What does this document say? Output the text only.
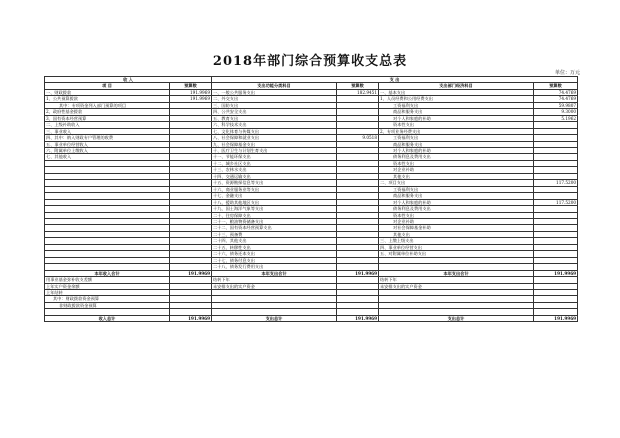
2018年部门综合预算收支总表
单位：万元
收 入		支 出			
项 目	预算数	支出功能分类科目	预算数	支出部门经济科目	预算数
一、财政拨款	191.9969	一、一般公共服务支出	182.9451	一、基本支出	74.4769
1、公共预算拨款	191.9969	二、外交支出		1、人员经费和公用经费支出	74.4769
其中：专项资金列入部门预算的项目		三、国防支出		工资福利支出	59.9807
2、政府性基金拨款		四、公共安全支出		商品和服务支出	9.3000
3、国有资本经营预算		五、教育支出		对个人和家庭的补助	5.1962
二、上级补助收入		六、科学技术支出		资本性支出	
三、事业收入		七、文化体育与传媒支出		2、专项业务经费支出	
四、其中：纳入财政专户管理的收费		八、社会保障和就业支出	9.0518	工资福利支出	
五、事业单位经营收入		九、社会保障基金支出		商品和服务支出	
六、附属单位上缴收入		十、医疗卫生与计划生育支出		对个人和家庭的补助	
七、其他收入		十一、节能环保支出		债务利息及费用支出	
		十二、城乡社区支出		资本性支出	
		十三、农林水支出		对企业补助	
		十四、交通运输支出		其他支出	
		十五、资源勘探信息等支出		二、项目支出	117.5200
		十六、商业服务业等支出		工资福利支出	
		十七、金融支出		商品和服务支出	
		十八、援助其他地区支出		对个人和家庭的补助	117.5200
		十九、国土海洋气象等支出		债务利息及费用支出	
		二十、住房保障支出		资本性支出	
		二十一、粮油物资储备支出		对企业补助	
		二十二、国有资本经营预算支出		对社会保障基金补助	
		二十三、预备费		其他支出	
		二十四、其他支出		三、上缴上级支出	
		二十五、转移性支出		四、事业单位经营支出	
		二十六、债务还本支出		五、对附属单位补助支出	
		二十七、债务付息支出			
		二十八、债务发行费用支出			
本年收入合计	191.9969	本年支出合计	191.9969	本年支出合计	191.9969
用事业基金弥补收支差额		结转下年		结转下年	
上年实户资金余额		未安排支出的实户资金		未安排支出的实户资金	
上年结转					
其中：财政拨款资金预算					
非财政拨款资金预算					

收入总计	191.9969	支出总计	191.9969	支出总计	191.9969
